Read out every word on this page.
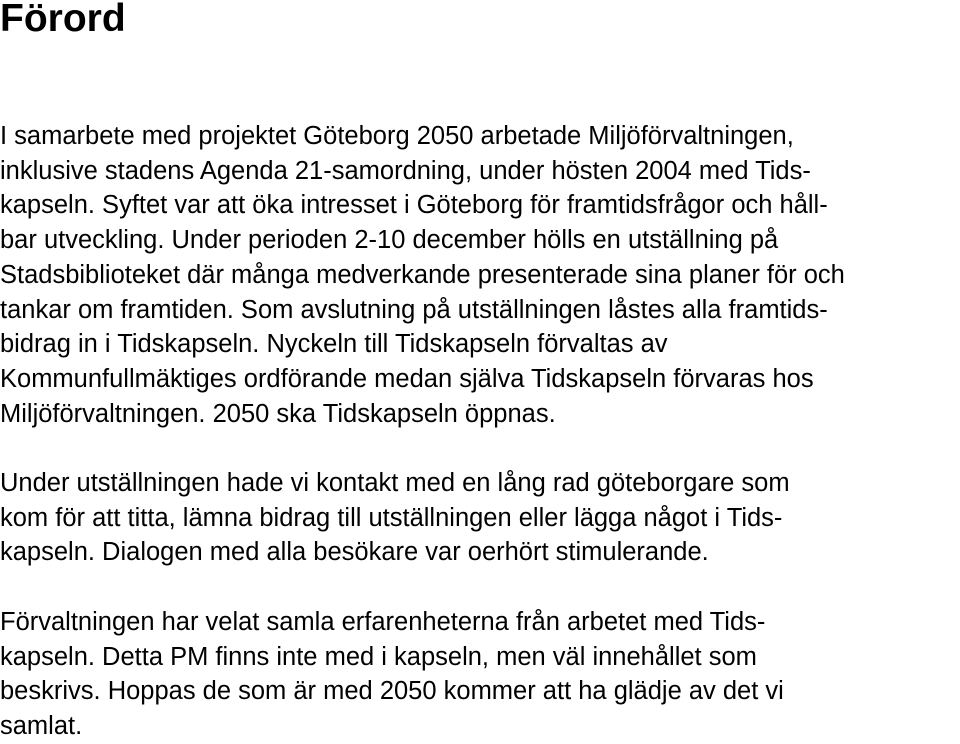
Förord
I samarbete med projektet Göteborg 2050 arbetade Miljöförvaltningen,
inklusive stadens Agenda 21-samordning, under hösten 2004 med Tids-
kapseln. Syftet var att öka intresset i Göteborg för framtidsfrågor och håll-
bar utveckling. Under perioden 2-10 december hölls en utställning på
Stadsbiblioteket där många medverkande presenterade sina planer för och
tankar om framtiden. Som avslutning på utställningen låstes alla framtids-
bidrag in i Tidskapseln. Nyckeln till Tidskapseln förvaltas av
Kommunfullmäktiges ordförande medan själva Tidskapseln förvaras hos
Miljöförvaltningen. 2050 ska Tidskapseln öppnas.
Under utställningen hade vi kontakt med en lång rad göteborgare som
kom för att titta, lämna bidrag till utställningen eller lägga något i Tids-
kapseln. Dialogen med alla besökare var oerhört stimulerande.
Förvaltningen har velat samla erfarenheterna från arbetet med Tids-
kapseln. Detta PM finns inte med i kapseln, men väl innehållet som
beskrivs. Hoppas de som är med 2050 kommer att ha glädje av det vi
samlat.
